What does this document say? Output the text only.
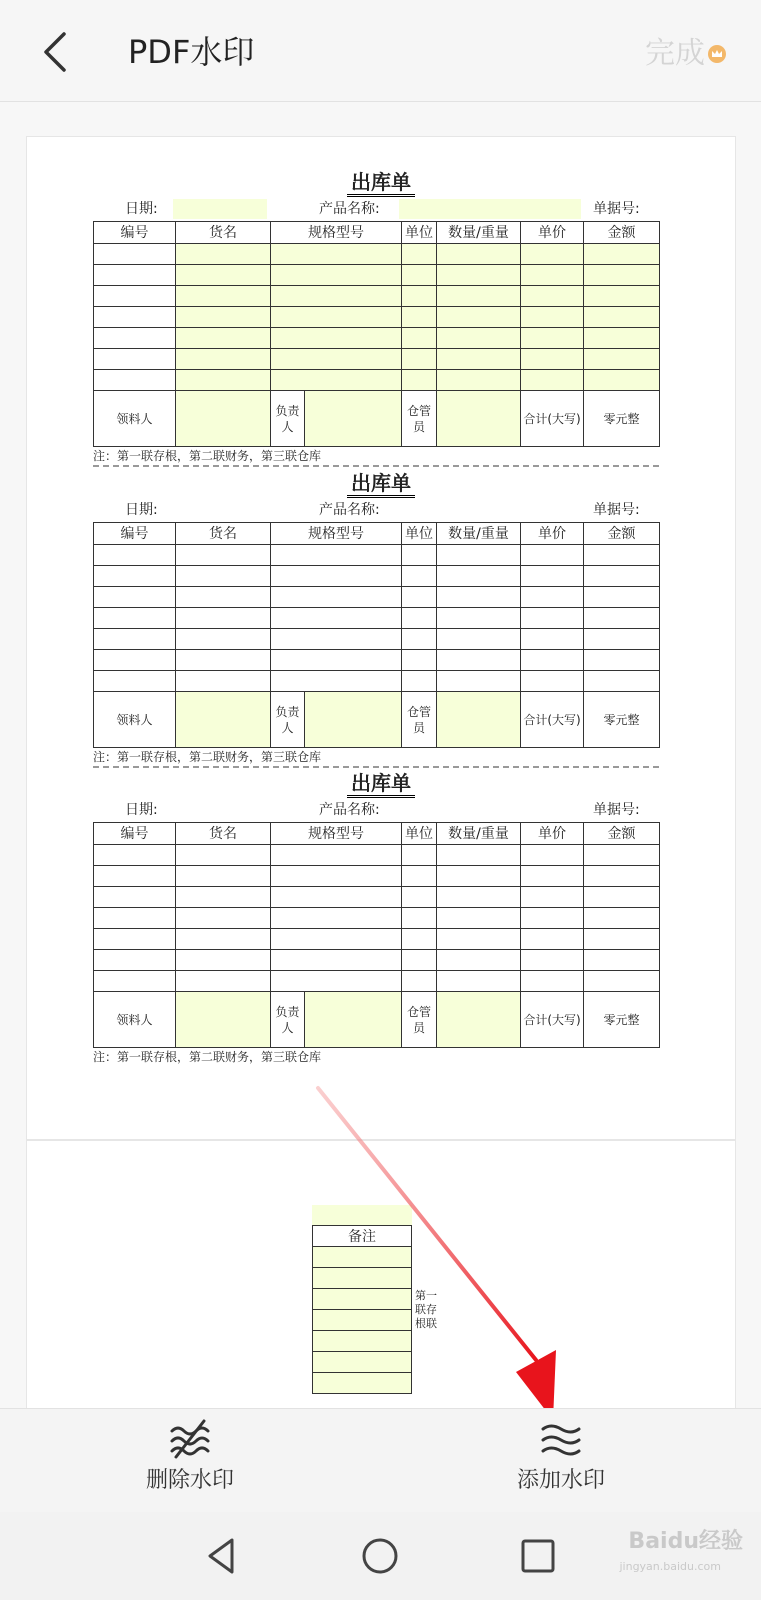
PDF水印	完成
出库单
日期:	产品名称:	单据号:
编号	货名	规格型号		单位	数量/重量	单价	金额

领料人		负责人		仓管员		合计(大写)	零元整
注：第一联存根，第二联财务，第三联仓库
出库单
日期:	产品名称:	单据号:
编号	货名	规格型号		单位	数量/重量	单价	金额

领料人		负责人		仓管员		合计(大写)	零元整
注：第一联存根，第二联财务，第三联仓库
出库单
日期:	产品名称:	单据号:
编号	货名	规格型号		单位	数量/重量	单价	金额

领料人		负责人		仓管员		合计(大写)	零元整
注：第一联存根，第二联财务，第三联仓库
备注

第一联存根联
删除水印	添加水印
Baidu经验
jingyan.baidu.com
